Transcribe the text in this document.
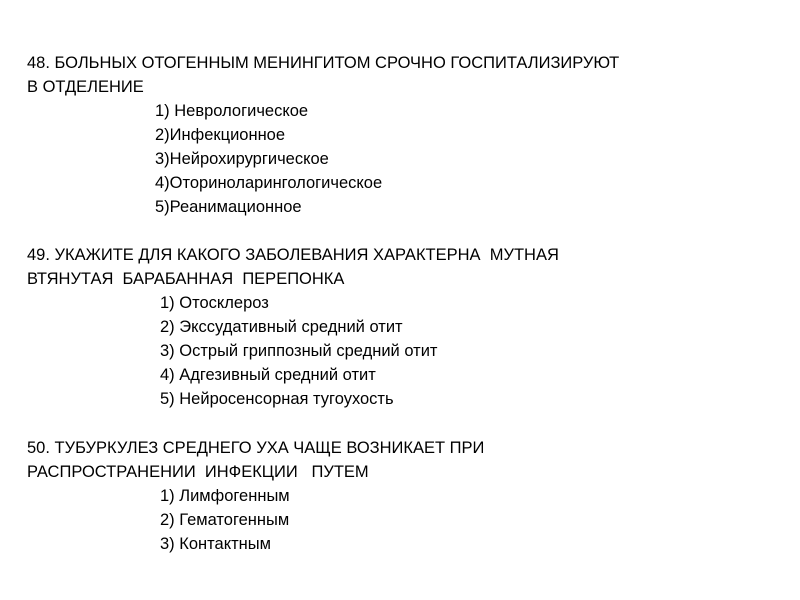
48. БОЛЬНЫХ ОТОГЕННЫМ МЕНИНГИТОМ СРОЧНО ГОСПИТАЛИЗИРУЮТ
В ОТДЕЛЕНИЕ
1) Неврологическое
2)Инфекционное
3)Нейрохирургическое
4)Оториноларингологическое
5)Реанимационное
49. УКАЖИТЕ ДЛЯ КАКОГО ЗАБОЛЕВАНИЯ ХАРАКТЕРНА  МУТНАЯ
ВТЯНУТАЯ  БАРАБАННАЯ  ПЕРЕПОНКА
1) Отосклероз
2) Экссудативный средний отит
3) Острый гриппозный средний отит
4) Адгезивный средний отит
5) Нейросенсорная тугоухость
50. ТУБУРКУЛЕЗ СРЕДНЕГО УХА ЧАЩЕ ВОЗНИКАЕТ ПРИ
РАСПРОСТРАНЕНИИ  ИНФЕКЦИИ   ПУТЕМ
1) Лимфогенным
2) Гематогенным
3) Контактным
